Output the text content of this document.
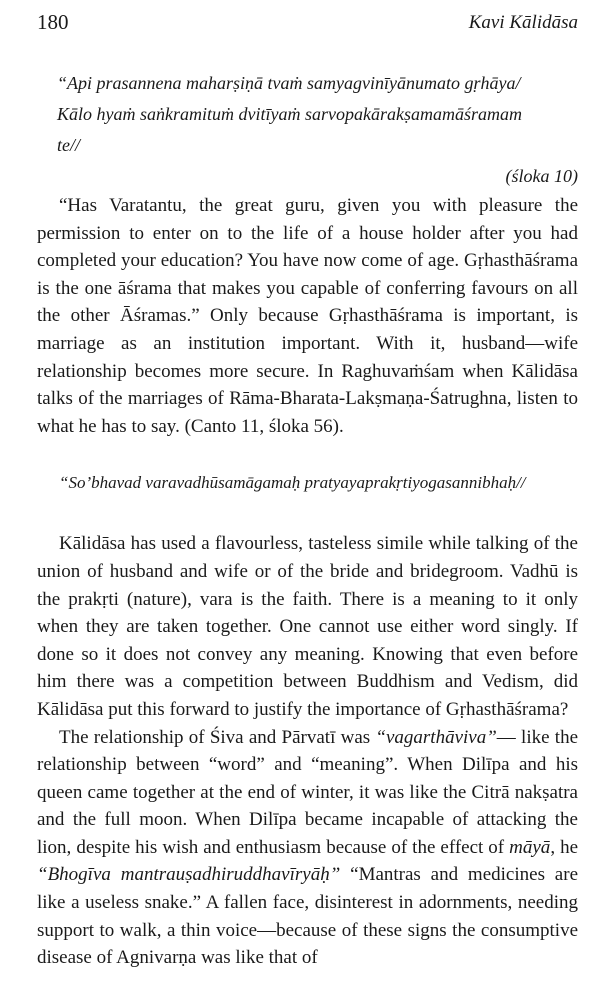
180	Kavi Kālidāsa
“Api prasannena maharṣiṇā tvaṁ samyagvinīyānumato gṛhāya/
Kālo hyaṁ saṅkramituṁ dvitīyaṁ sarvopakārakṣamamāśramam
te//
(śloka 10)

“Has Varatantu, the great guru, given you with pleasure the permission to enter on to the life of a house holder after you had completed your education? You have now come of age. Gṛhasthāśrama is the one āśrama that makes you capable of conferring favours on all the other Āśramas.” Only because Gṛhasthāśrama is important, is marriage as an institution important. With it, husband—wife relationship becomes more secure. In Raghuvaṁśam when Kālidāsa talks of the marriages of Rāma-Bharata-Lakṣmaṇa-Śatrughna, listen to what he has to say. (Canto 11, śloka 56).

“So’bhavad varavadhūsamāgamaḥ pratyayaprakṛtiyogasannibhaḥ//

Kālidāsa has used a flavourless, tasteless simile while talking of the union of husband and wife or of the bride and bridegroom. Vadhū is the prakṛti (nature), vara is the faith. There is a meaning to it only when they are taken together. One cannot use either word singly. If done so it does not convey any meaning. Knowing that even before him there was a competition between Buddhism and Vedism, did Kālidāsa put this forward to justify the importance of Gṛhasthāśrama?

The relationship of Śiva and Pārvatī was “vagarthāviva”— like the relationship between “word” and “meaning”. When Dilīpa and his queen came together at the end of winter, it was like the Citrā nakṣatra and the full moon. When Dilīpa became incapable of attacking the lion, despite his wish and enthusiasm because of the effect of māyā, he “Bhogīva mantrauṣadhiruddhavīryāḥ” “Mantras and medicines are like a useless snake.” A fallen face, disinterest in adornments, needing support to walk, a thin voice—because of these signs the consumptive disease of Agnivarṇa was like that of
